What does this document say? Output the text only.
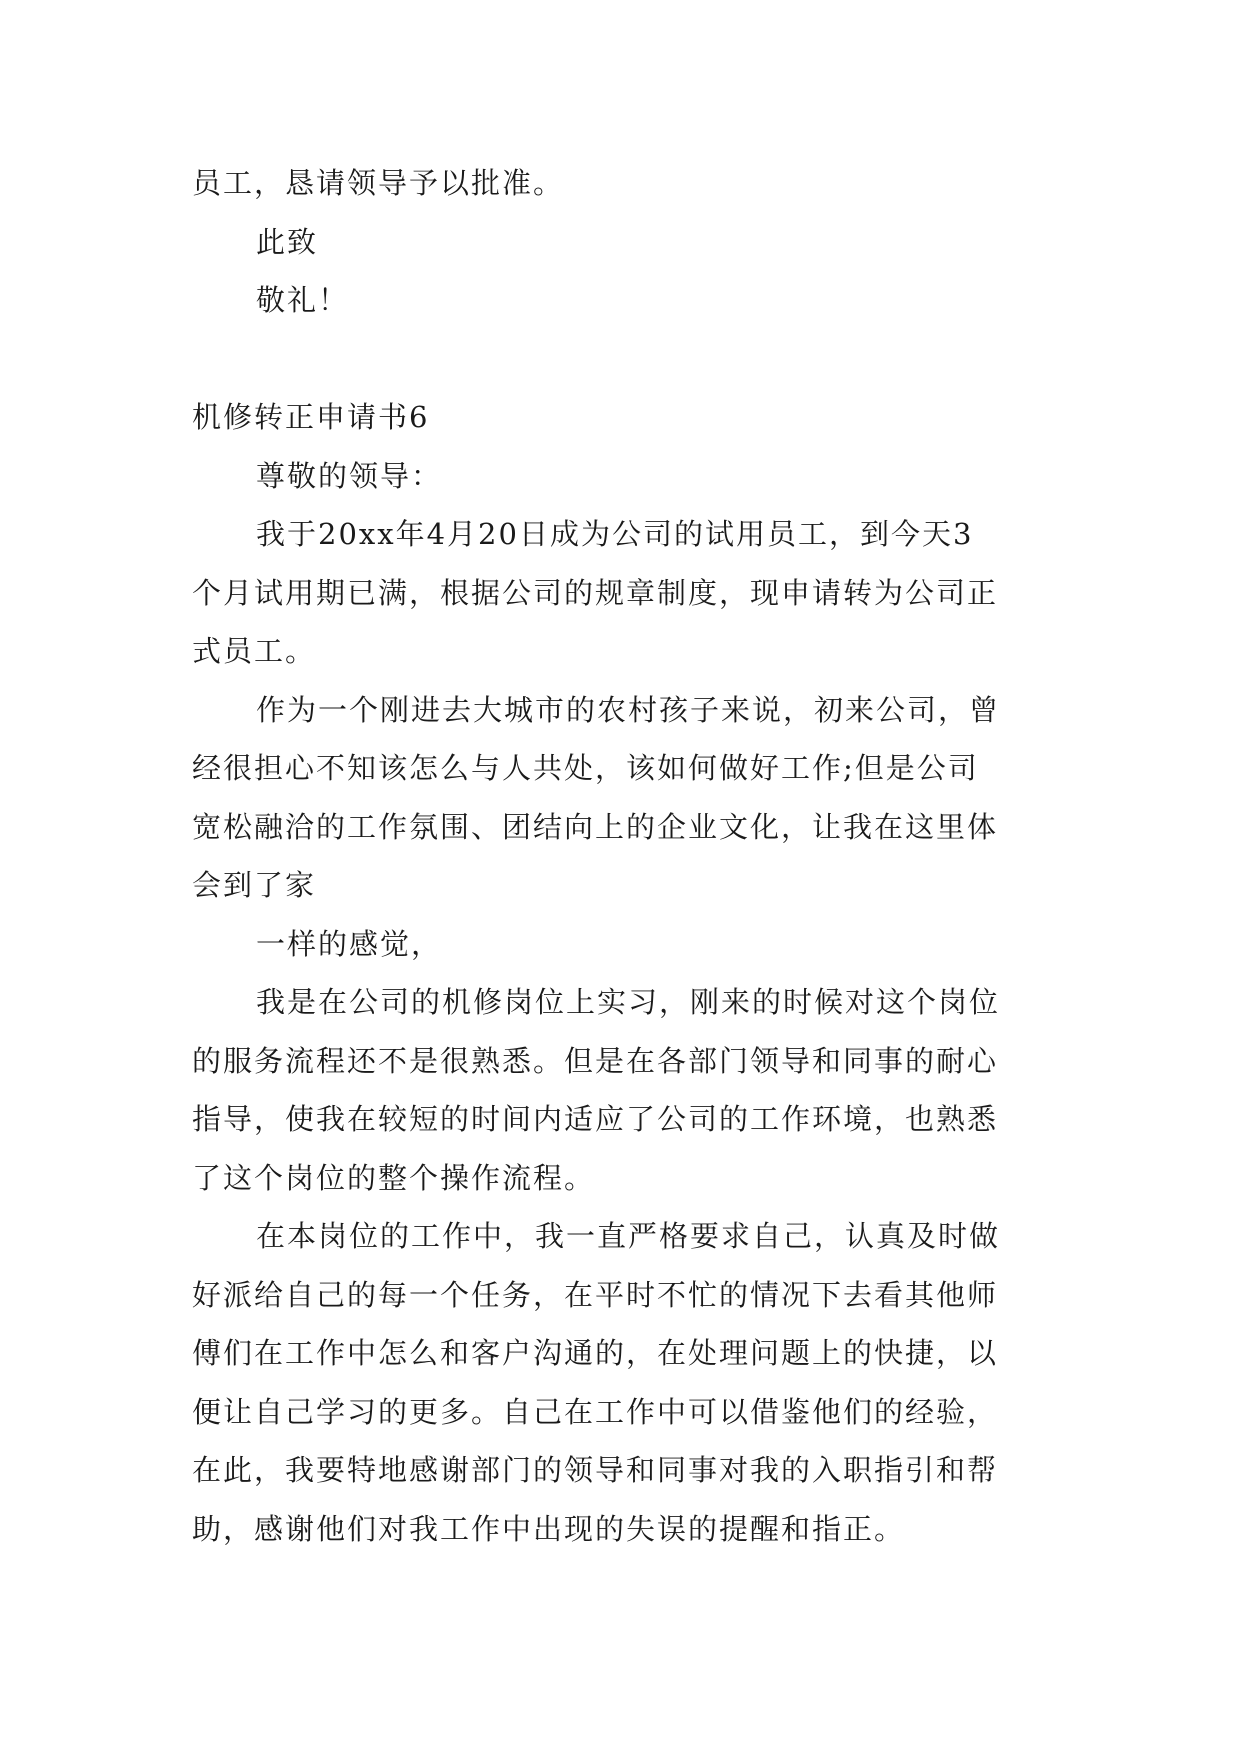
员工，恳请领导予以批准。
此致
敬礼！
机修转正申请书6
尊敬的领导：
我于20xx年4月20日成为公司的试用员工，到今天3
个月试用期已满，根据公司的规章制度，现申请转为公司正
式员工。
作为一个刚进去大城市的农村孩子来说，初来公司，曾
经很担心不知该怎么与人共处，该如何做好工作;但是公司
宽松融洽的工作氛围、团结向上的企业文化，让我在这里体
会到了家
一样的感觉，
我是在公司的机修岗位上实习，刚来的时候对这个岗位
的服务流程还不是很熟悉。但是在各部门领导和同事的耐心
指导，使我在较短的时间内适应了公司的工作环境，也熟悉
了这个岗位的整个操作流程。
在本岗位的工作中，我一直严格要求自己，认真及时做
好派给自己的每一个任务，在平时不忙的情况下去看其他师
傅们在工作中怎么和客户沟通的，在处理问题上的快捷，以
便让自己学习的更多。自己在工作中可以借鉴他们的经验，
在此，我要特地感谢部门的领导和同事对我的入职指引和帮
助，感谢他们对我工作中出现的失误的提醒和指正。
